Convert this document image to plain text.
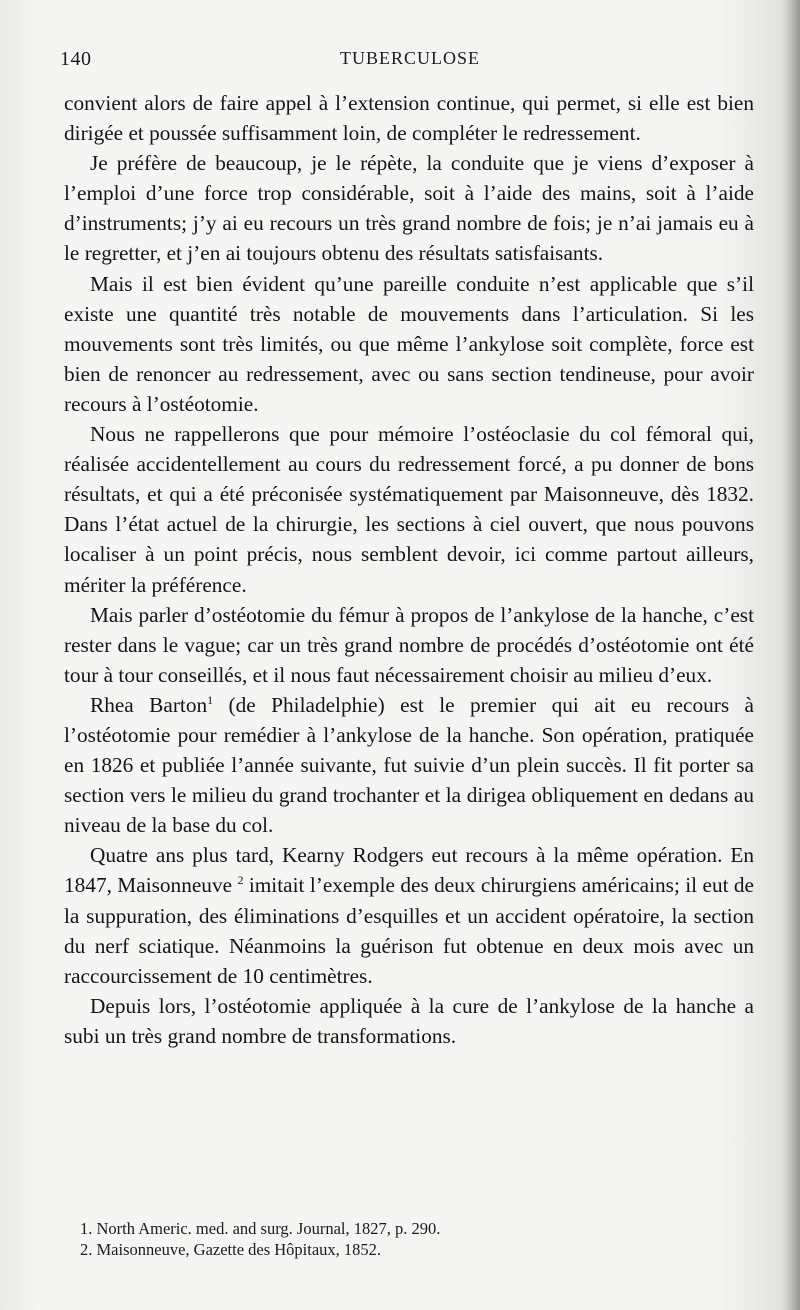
140	TUBERCULOSE

convient alors de faire appel à l’extension continue, qui permet, si elle est bien dirigée et poussée suffisamment loin, de compléter le redressement.

Je préfère de beaucoup, je le répète, la conduite que je viens d’exposer à l’emploi d’une force trop considérable, soit à l’aide des mains, soit à l’aide d’instruments; j’y ai eu recours un très grand nombre de fois; je n’ai jamais eu à le regretter, et j’en ai toujours obtenu des résultats satisfaisants.

Mais il est bien évident qu’une pareille conduite n’est applicable que s’il existe une quantité très notable de mouvements dans l’articulation. Si les mouvements sont très limités, ou que même l’ankylose soit complète, force est bien de renoncer au redressement, avec ou sans section tendineuse, pour avoir recours à l’ostéotomie.

Nous ne rappellerons que pour mémoire l’ostéoclasie du col fémoral qui, réalisée accidentellement au cours du redressement forcé, a pu donner de bons résultats, et qui a été préconisée systématiquement par Maisonneuve, dès 1832. Dans l’état actuel de la chirurgie, les sections à ciel ouvert, que nous pouvons localiser à un point précis, nous semblent devoir, ici comme partout ailleurs, mériter la préférence.

Mais parler d’ostéotomie du fémur à propos de l’ankylose de la hanche, c’est rester dans le vague; car un très grand nombre de procédés d’ostéotomie ont été tour à tour conseillés, et il nous faut nécessairement choisir au milieu d’eux.

Rhea Barton$^1$ (de Philadelphie) est le premier qui ait eu recours à l’ostéotomie pour remédier à l’ankylose de la hanche. Son opération, pratiquée en 1826 et publiée l’année suivante, fut suivie d’un plein succès. Il fit porter sa section vers le milieu du grand trochanter et la dirigea obliquement en dedans au niveau de la base du col.

Quatre ans plus tard, Kearny Rodgers eut recours à la même opération. En 1847, Maisonneuve $^2$ imitait l’exemple des deux chirurgiens américains; il eut de la suppuration, des éliminations d’esquilles et un accident opératoire, la section du nerf sciatique. Néanmoins la guérison fut obtenue en deux mois avec un raccourcissement de 10 centimètres.

Depuis lors, l’ostéotomie appliquée à la cure de l’ankylose de la hanche a subi un très grand nombre de transformations.

1. North Americ. med. and surg. Journal, 1827, p. 290.

2. Maisonneuve, Gazette des Hôpitaux, 1852.
